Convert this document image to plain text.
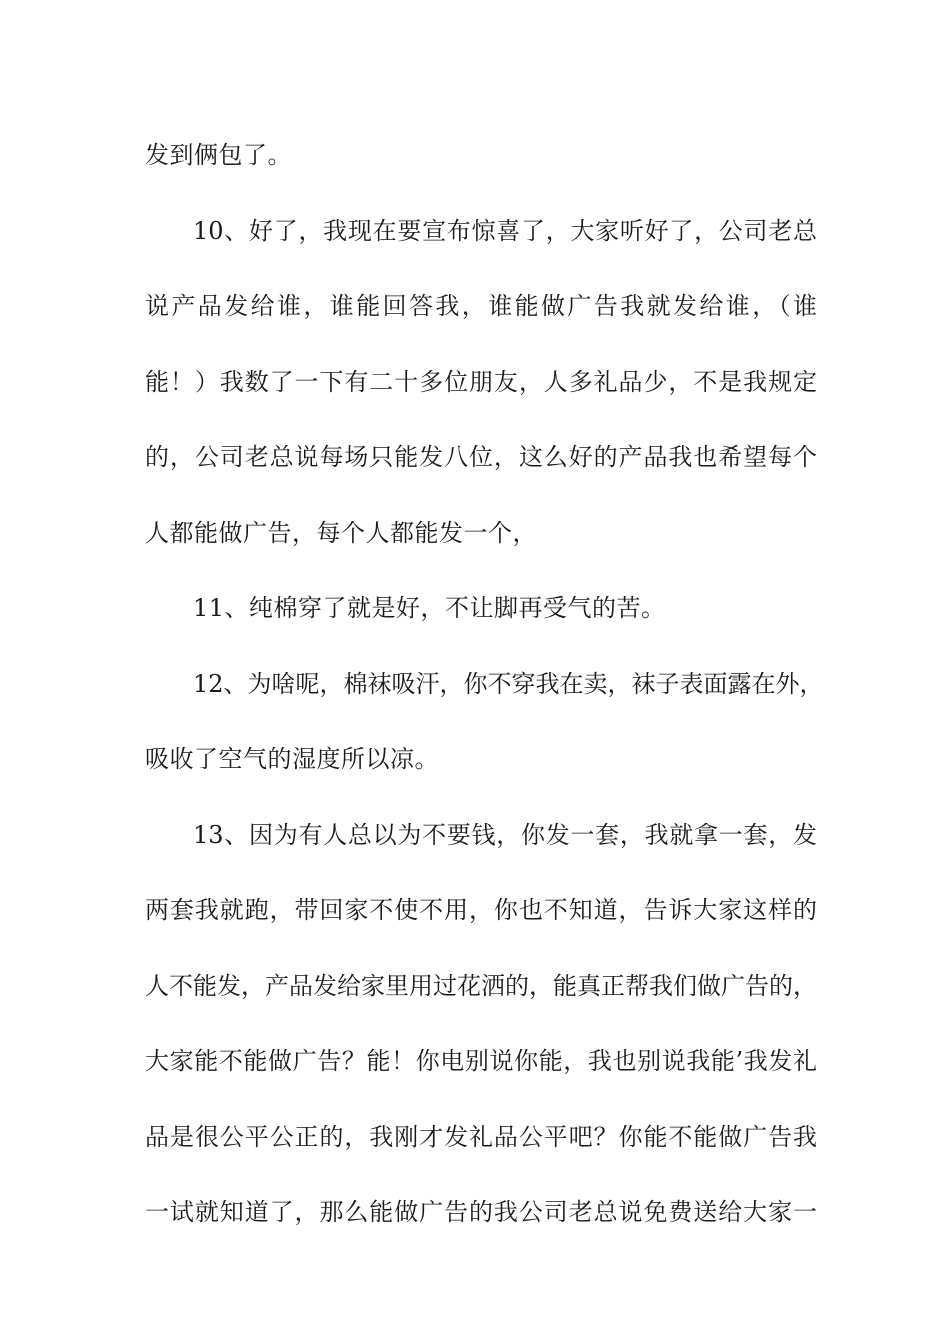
发到俩包了。
10、好了，我现在要宣布惊喜了，大家听好了，公司老总
说产品发给谁，谁能回答我，谁能做广告我就发给谁，（谁
能！）我数了一下有二十多位朋友，人多礼品少，不是我规定
的，公司老总说每场只能发八位，这么好的产品我也希望每个
人都能做广告，每个人都能发一个，
11、纯棉穿了就是好，不让脚再受气的苦。
12、为啥呢，棉袜吸汗，你不穿我在卖，袜子表面露在外，
吸收了空气的湿度所以凉。
13、因为有人总以为不要钱，你发一套，我就拿一套，发
两套我就跑，带回家不使不用，你也不知道，告诉大家这样的
人不能发，产品发给家里用过花洒的，能真正帮我们做广告的，
大家能不能做广告？能！你电别说你能，我也别说我能’我发礼
品是很公平公正的，我刚才发礼品公平吧？你能不能做广告我
一试就知道了，那么能做广告的我公司老总说免费送给大家一
